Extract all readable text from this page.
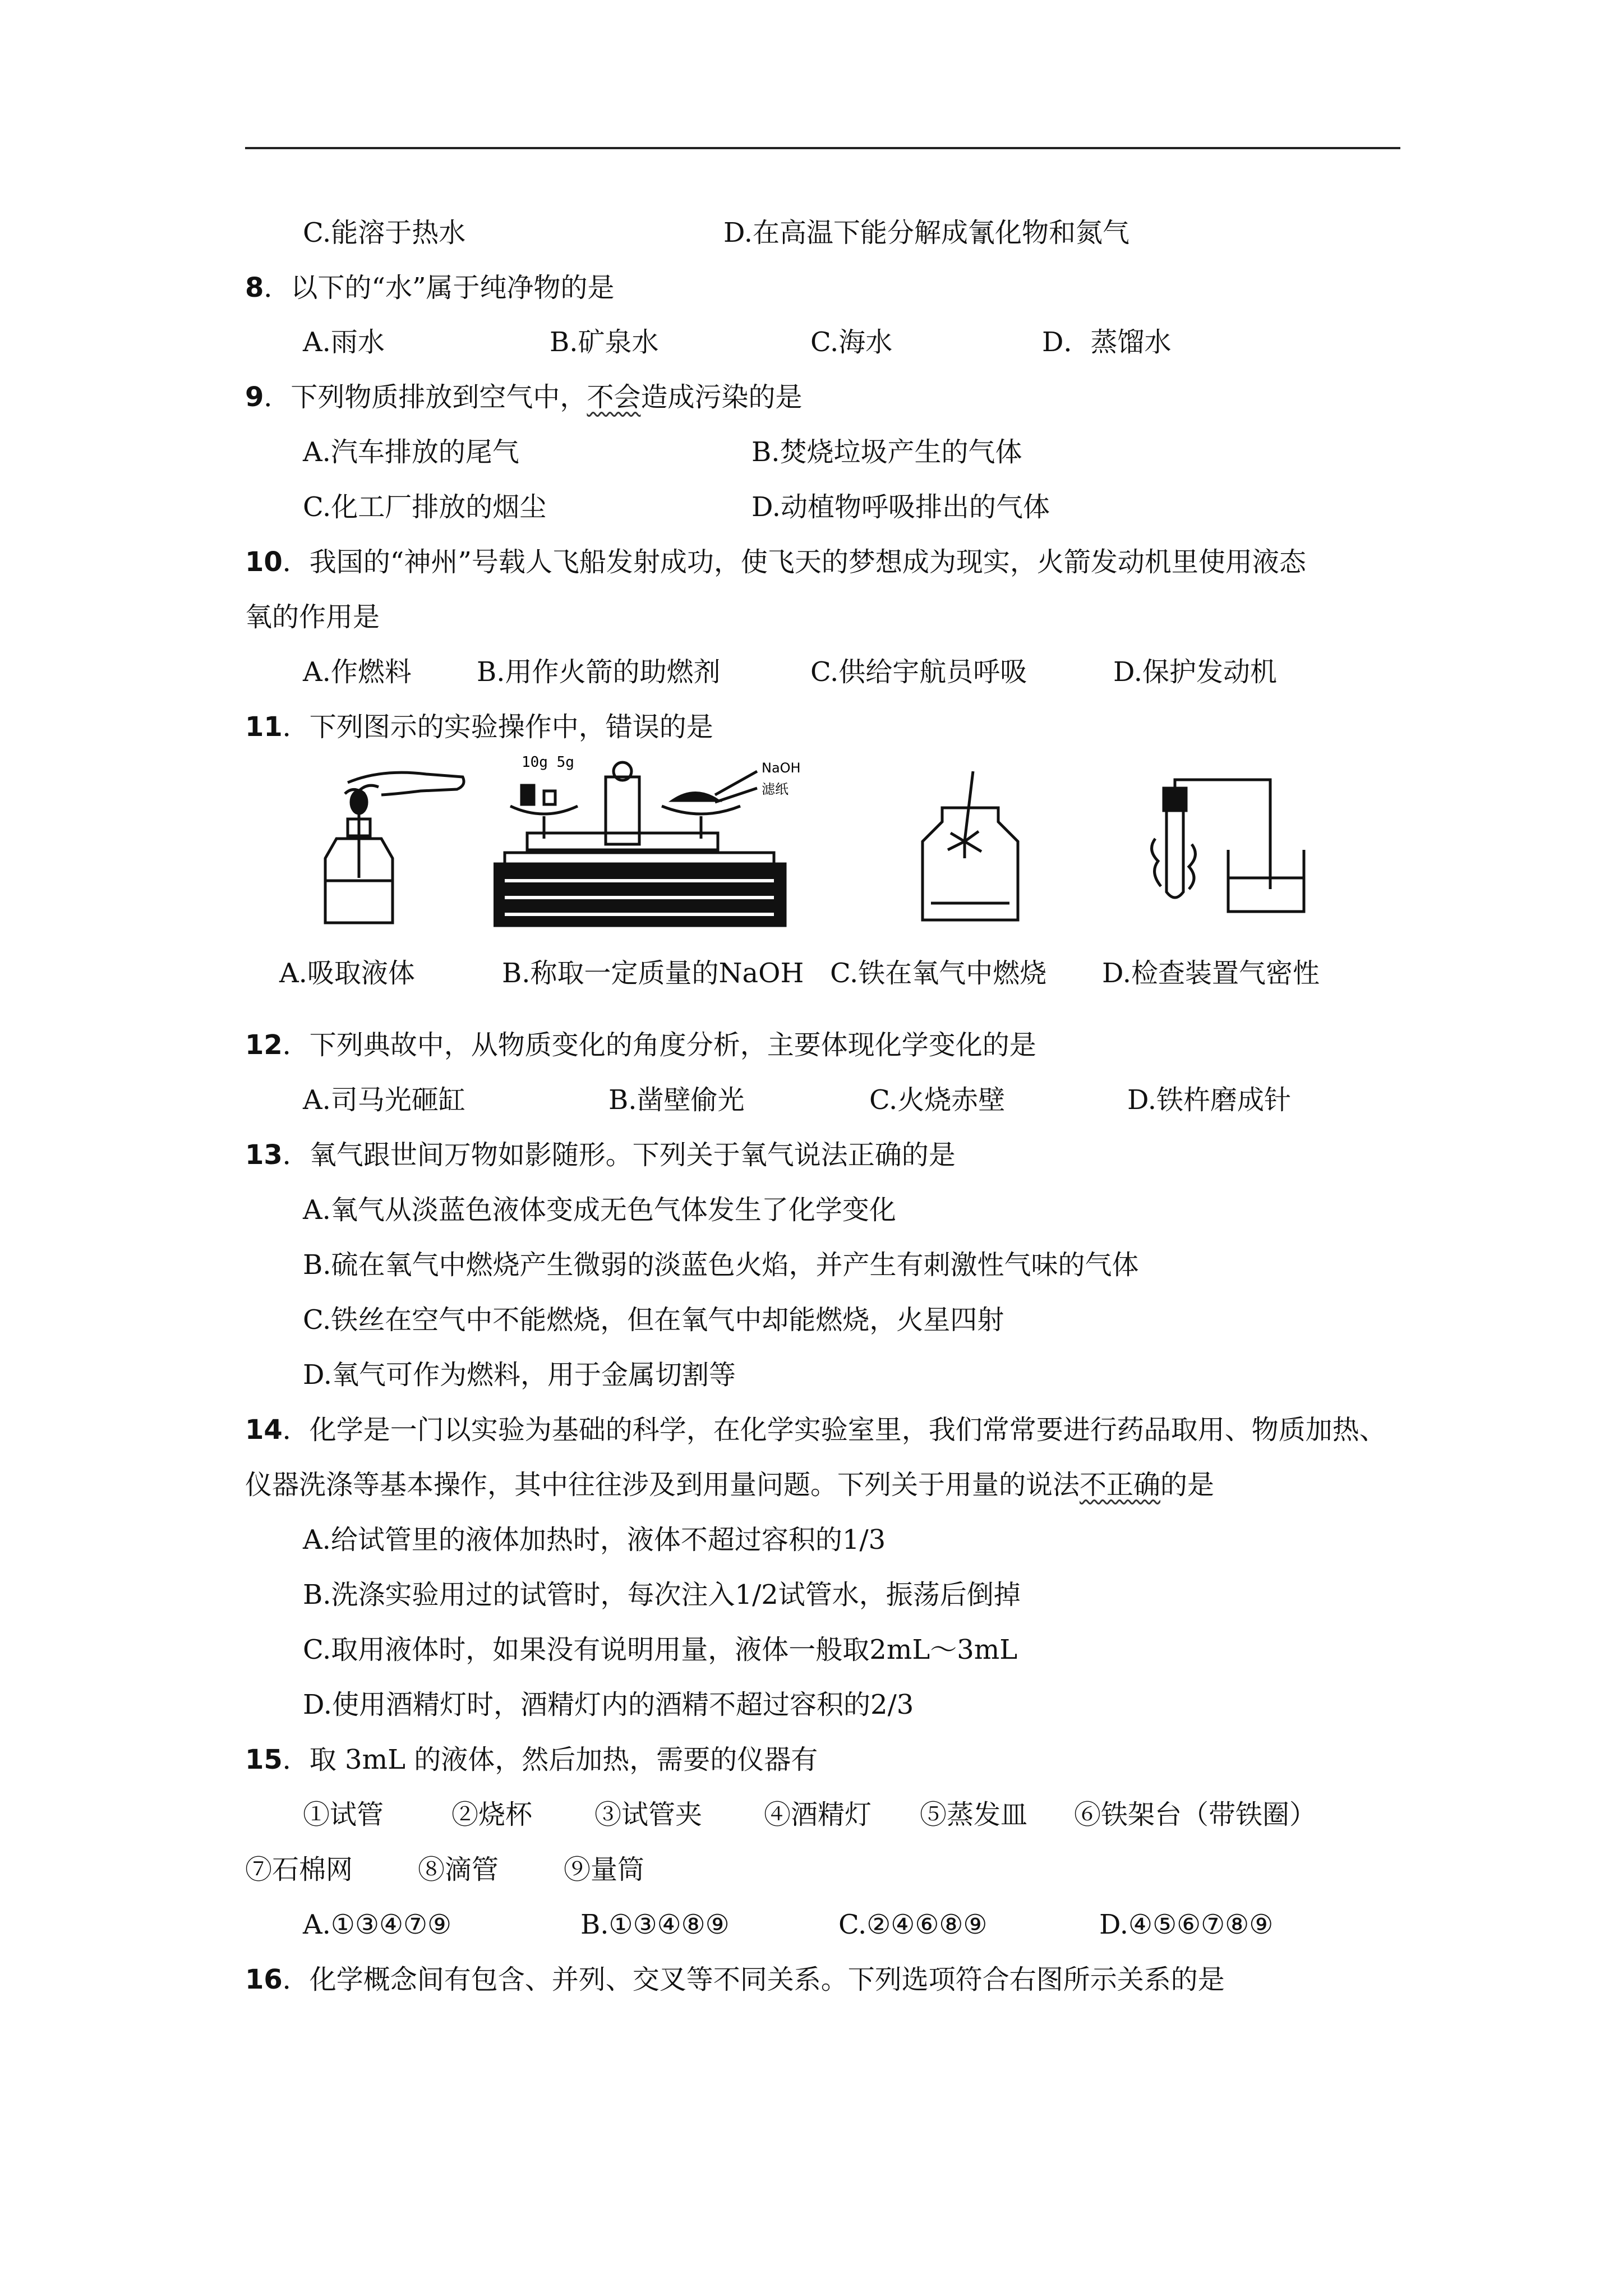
C.能溶于热水	D.在高温下能分解成氰化物和氮气
8．以下的“水”属于纯净物的是
A.雨水	B.矿泉水	C.海水	D．蒸馏水
9．下列物质排放到空气中，不会造成污染的是
A.汽车排放的尾气	B.焚烧垃圾产生的气体
C.化工厂排放的烟尘	D.动植物呼吸排出的气体
10．我国的“神州”号载人飞船发射成功，使飞天的梦想成为现实，火箭发动机里使用液态
氧的作用是
A.作燃料 B.用作火箭的助燃剂	C.供给宇航员呼吸	D.保护发动机
11．下列图示的实验操作中，错误的是
10g 5g	NaOH
滤纸
A.吸取液体	B.称取一定质量的NaOH C.铁在氧气中燃烧 D.检查装置气密性
12．下列典故中，从物质变化的角度分析，主要体现化学变化的是
A.司马光砸缸	B.凿壁偷光	C.火烧赤壁	D.铁杵磨成针
13．氧气跟世间万物如影随形。下列关于氧气说法正确的是
A.氧气从淡蓝色液体变成无色气体发生了化学变化
B.硫在氧气中燃烧产生微弱的淡蓝色火焰，并产生有刺激性气味的气体
C.铁丝在空气中不能燃烧，但在氧气中却能燃烧，火星四射
D.氧气可作为燃料，用于金属切割等
14．化学是一门以实验为基础的科学，在化学实验室里，我们常常要进行药品取用、物质加热、
仪器洗涤等基本操作，其中往往涉及到用量问题。下列关于用量的说法不正确的是
A.给试管里的液体加热时，液体不超过容积的1/3
B.洗涤实验用过的试管时，每次注入1/2试管水，振荡后倒掉
C.取用液体时，如果没有说明用量，液体一般取2mL～3mL
D.使用酒精灯时，酒精灯内的酒精不超过容积的2/3
15．取 3mL 的液体，然后加热，需要的仪器有
①试管	②烧杯 ③试管夹 ④酒精灯 ⑤蒸发皿 ⑥铁架台（带铁圈）
⑦石棉网 ⑧滴管 ⑨量筒
A.①③④⑦⑨	B.①③④⑧⑨	C.②④⑥⑧⑨	D.④⑤⑥⑦⑧⑨
16．化学概念间有包含、并列、交叉等不同关系。下列选项符合右图所示关系的是
